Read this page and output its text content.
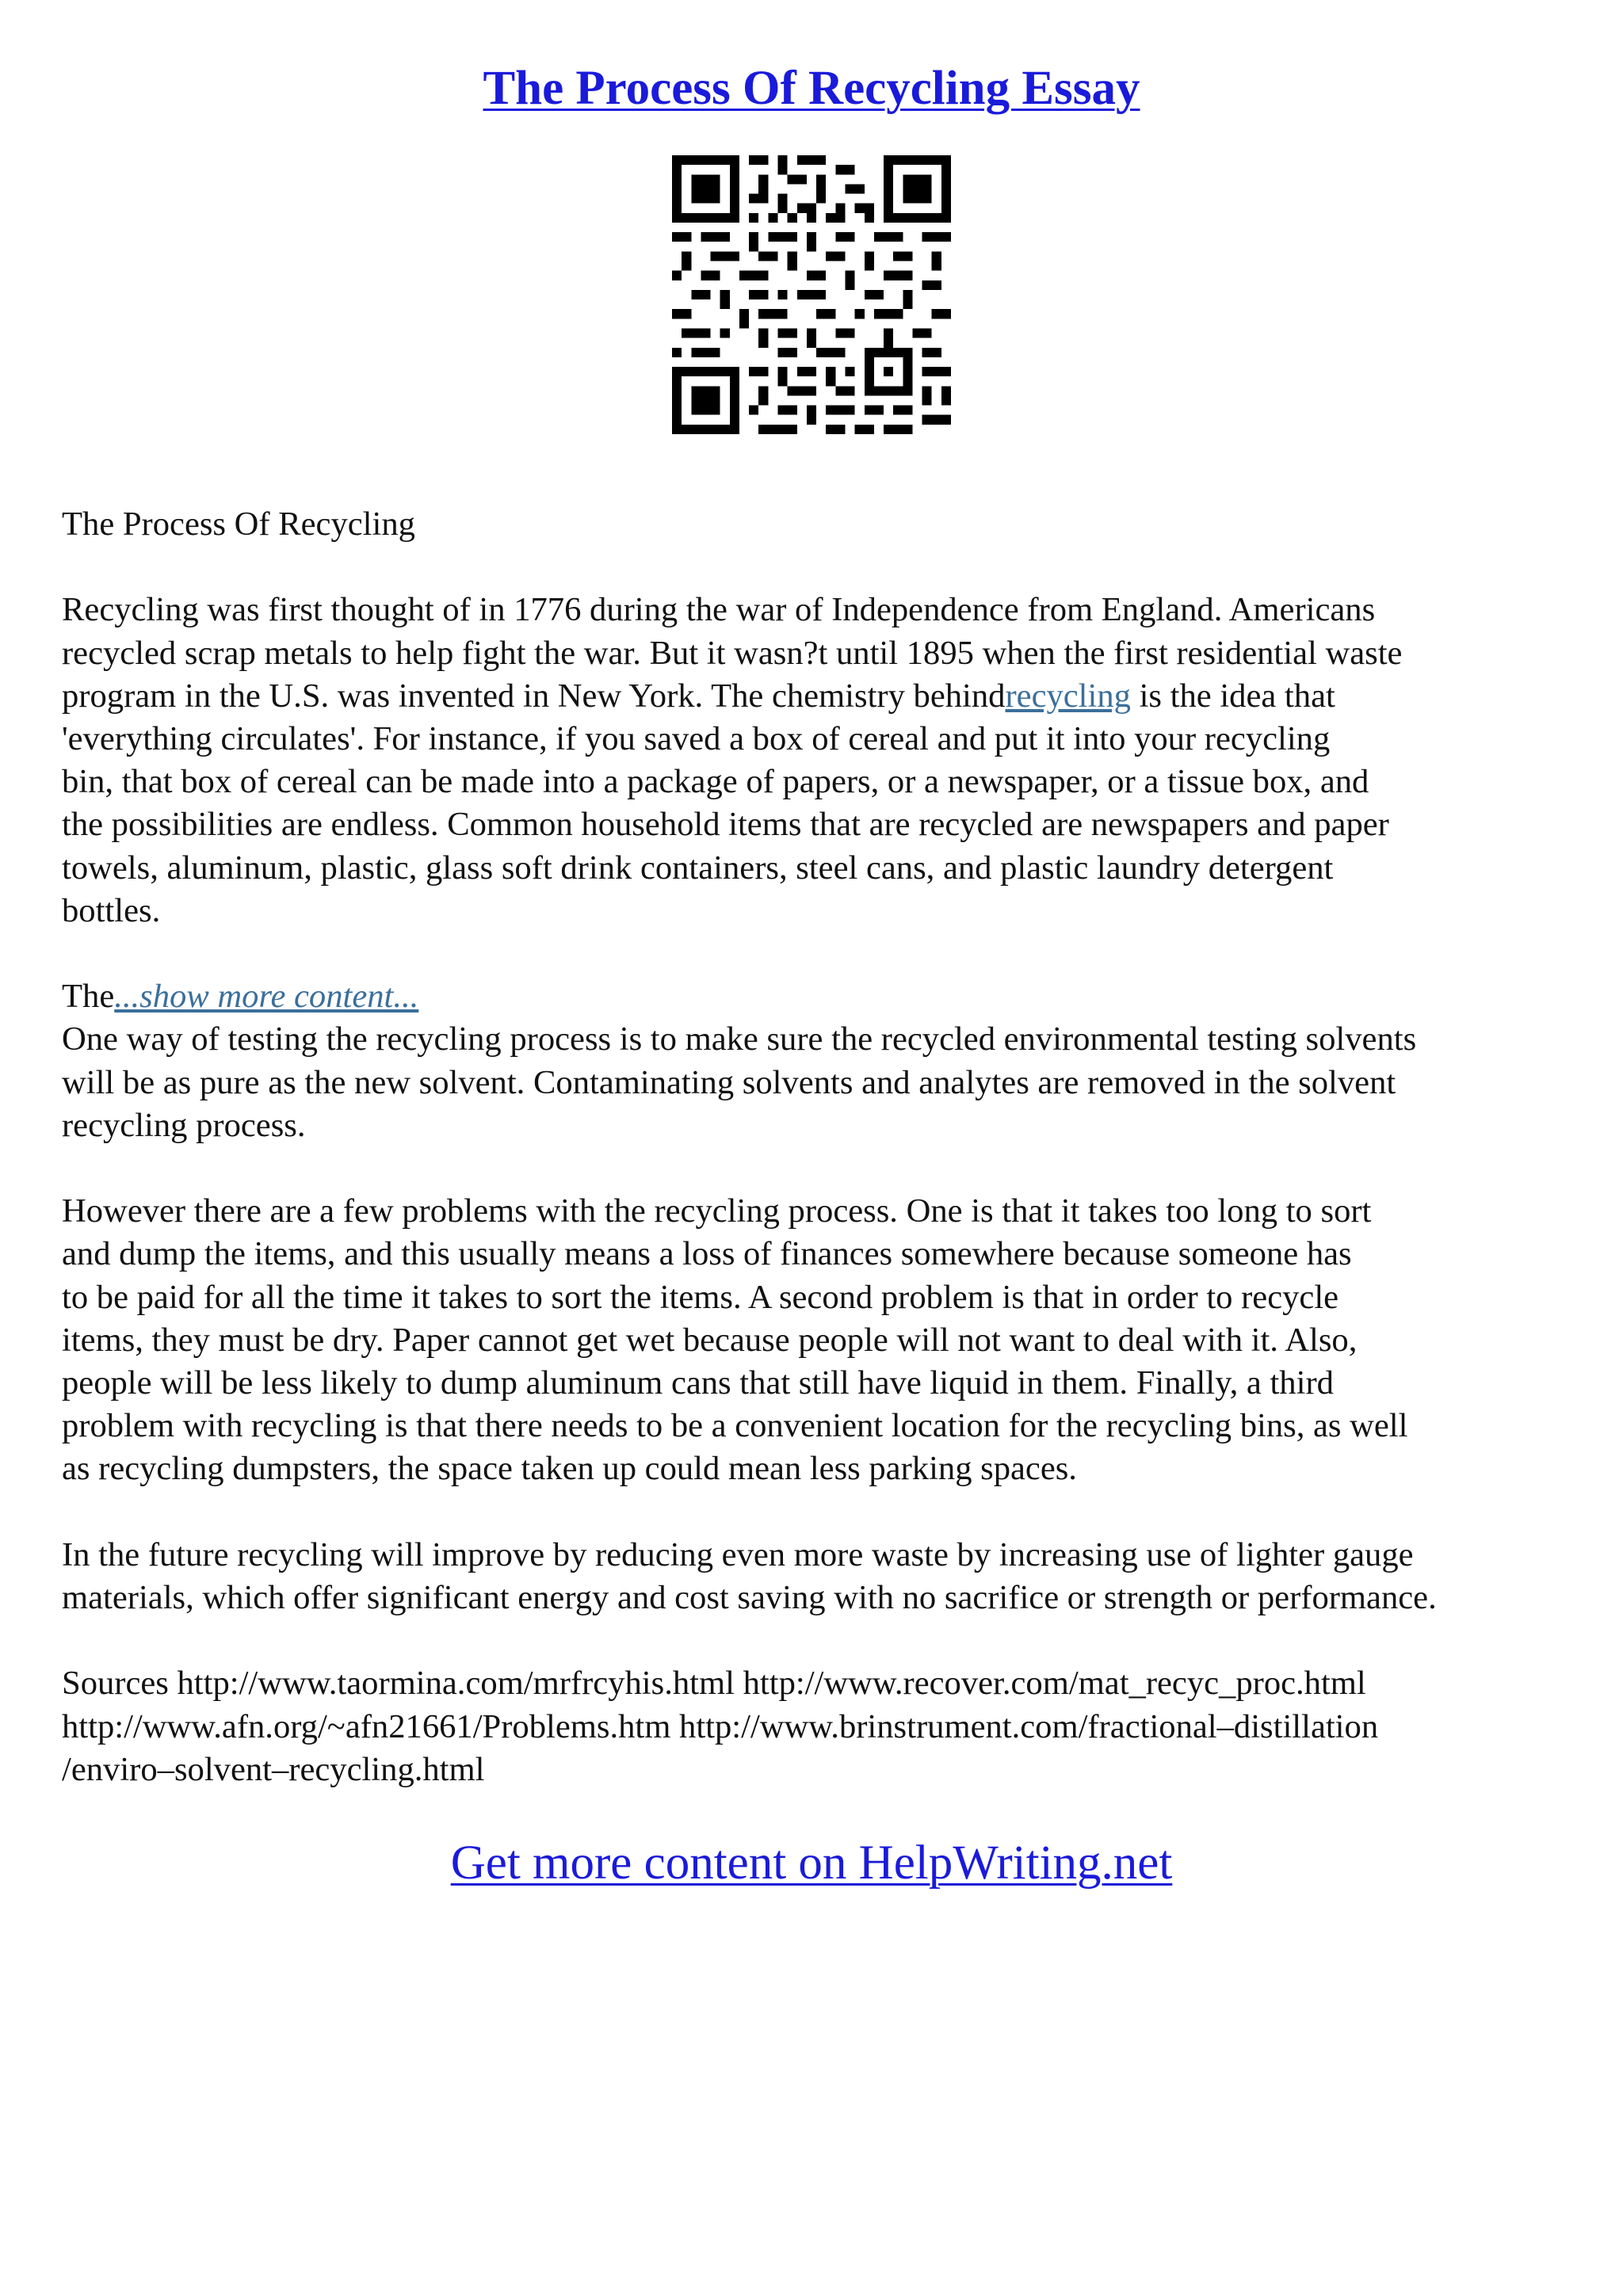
The Process Of Recycling Essay

The Process Of Recycling

Recycling was first thought of in 1776 during the war of Independence from England. Americans
recycled scrap metals to help fight the war. But it wasn?t until 1895 when the first residential waste
program in the U.S. was invented in New York. The chemistry behindrecycling is the idea that
'everything circulates'. For instance, if you saved a box of cereal and put it into your recycling
bin, that box of cereal can be made into a package of papers, or a newspaper, or a tissue box, and
the possibilities are endless. Common household items that are recycled are newspapers and paper
towels, aluminum, plastic, glass soft drink containers, steel cans, and plastic laundry detergent
bottles.

The...show more content...
One way of testing the recycling process is to make sure the recycled environmental testing solvents
will be as pure as the new solvent. Contaminating solvents and analytes are removed in the solvent
recycling process.

However there are a few problems with the recycling process. One is that it takes too long to sort
and dump the items, and this usually means a loss of finances somewhere because someone has
to be paid for all the time it takes to sort the items. A second problem is that in order to recycle
items, they must be dry. Paper cannot get wet because people will not want to deal with it. Also,
people will be less likely to dump aluminum cans that still have liquid in them. Finally, a third
problem with recycling is that there needs to be a convenient location for the recycling bins, as well
as recycling dumpsters, the space taken up could mean less parking spaces.

In the future recycling will improve by reducing even more waste by increasing use of lighter gauge
materials, which offer significant energy and cost saving with no sacrifice or strength or performance.

Sources http://www.taormina.com/mrfrcyhis.html http://www.recover.com/mat_recyc_proc.html
http://www.afn.org/~afn21661/Problems.htm http://www.brinstrument.com/fractional–distillation
/enviro–solvent–recycling.html

Get more content on HelpWriting.net
